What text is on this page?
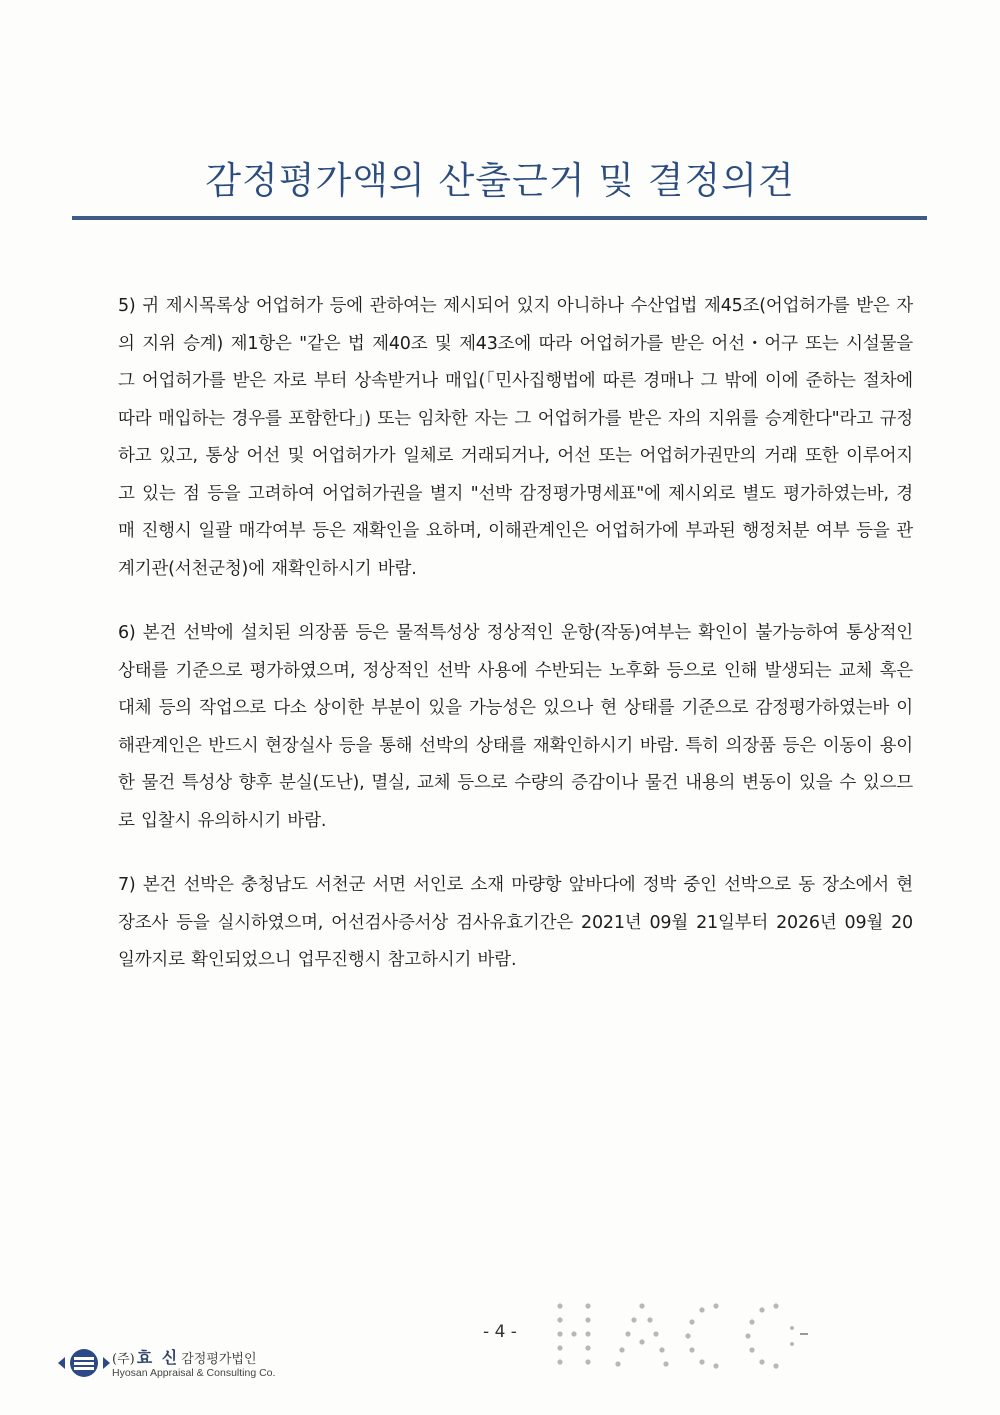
감정평가액의 산출근거 및 결정의견

5) 귀 제시목록상 어업허가 등에 관하여는 제시되어 있지 아니하나 수산업법 제45조(어업허가를 받은 자의 지위 승계) 제1항은 "같은 법 제40조 및 제43조에 따라 어업허가를 받은 어선・어구 또는 시설물을 그 어업허가를 받은 자로 부터 상속받거나 매입(「민사집행법에 따른 경매나 그 밖에 이에 준하는 절차에 따라 매입하는 경우를 포함한다」) 또는 임차한 자는 그 어업허가를 받은 자의 지위를 승계한다"라고 규정하고 있고, 통상 어선 및 어업허가가 일체로 거래되거나, 어선 또는 어업허가권만의 거래 또한 이루어지고 있는 점 등을 고려하여 어업허가권을 별지 "선박 감정평가명세표"에 제시외로 별도 평가하였는바, 경매 진행시 일괄 매각여부 등은 재확인을 요하며, 이해관계인은 어업허가에 부과된 행정처분 여부 등을 관계기관(서천군청)에 재확인하시기 바람.

6) 본건 선박에 설치된 의장품 등은 물적특성상 정상적인 운항(작동)여부는 확인이 불가능하여 통상적인 상태를 기준으로 평가하였으며, 정상적인 선박 사용에 수반되는 노후화 등으로 인해 발생되는 교체 혹은 대체 등의 작업으로 다소 상이한 부분이 있을 가능성은 있으나 현 상태를 기준으로 감정평가하였는바 이해관계인은 반드시 현장실사 등을 통해 선박의 상태를 재확인하시기 바람. 특히 의장품 등은 이동이 용이한 물건 특성상 향후 분실(도난), 멸실, 교체 등으로 수량의 증감이나 물건 내용의 변동이 있을 수 있으므로 입찰시 유의하시기 바람.

7) 본건 선박은 충청남도 서천군 서면 서인로 소재 마량항 앞바다에 정박 중인 선박으로 동 장소에서 현장조사 등을 실시하였으며, 어선검사증서상 검사유효기간은 2021년 09월 21일부터 2026년 09월 20일까지로 확인되었으니 업무진행시 참고하시기 바람.

- 4 -
(주) 효 신 감정평가법인
Hyosan Appraisal & Consulting Co.
